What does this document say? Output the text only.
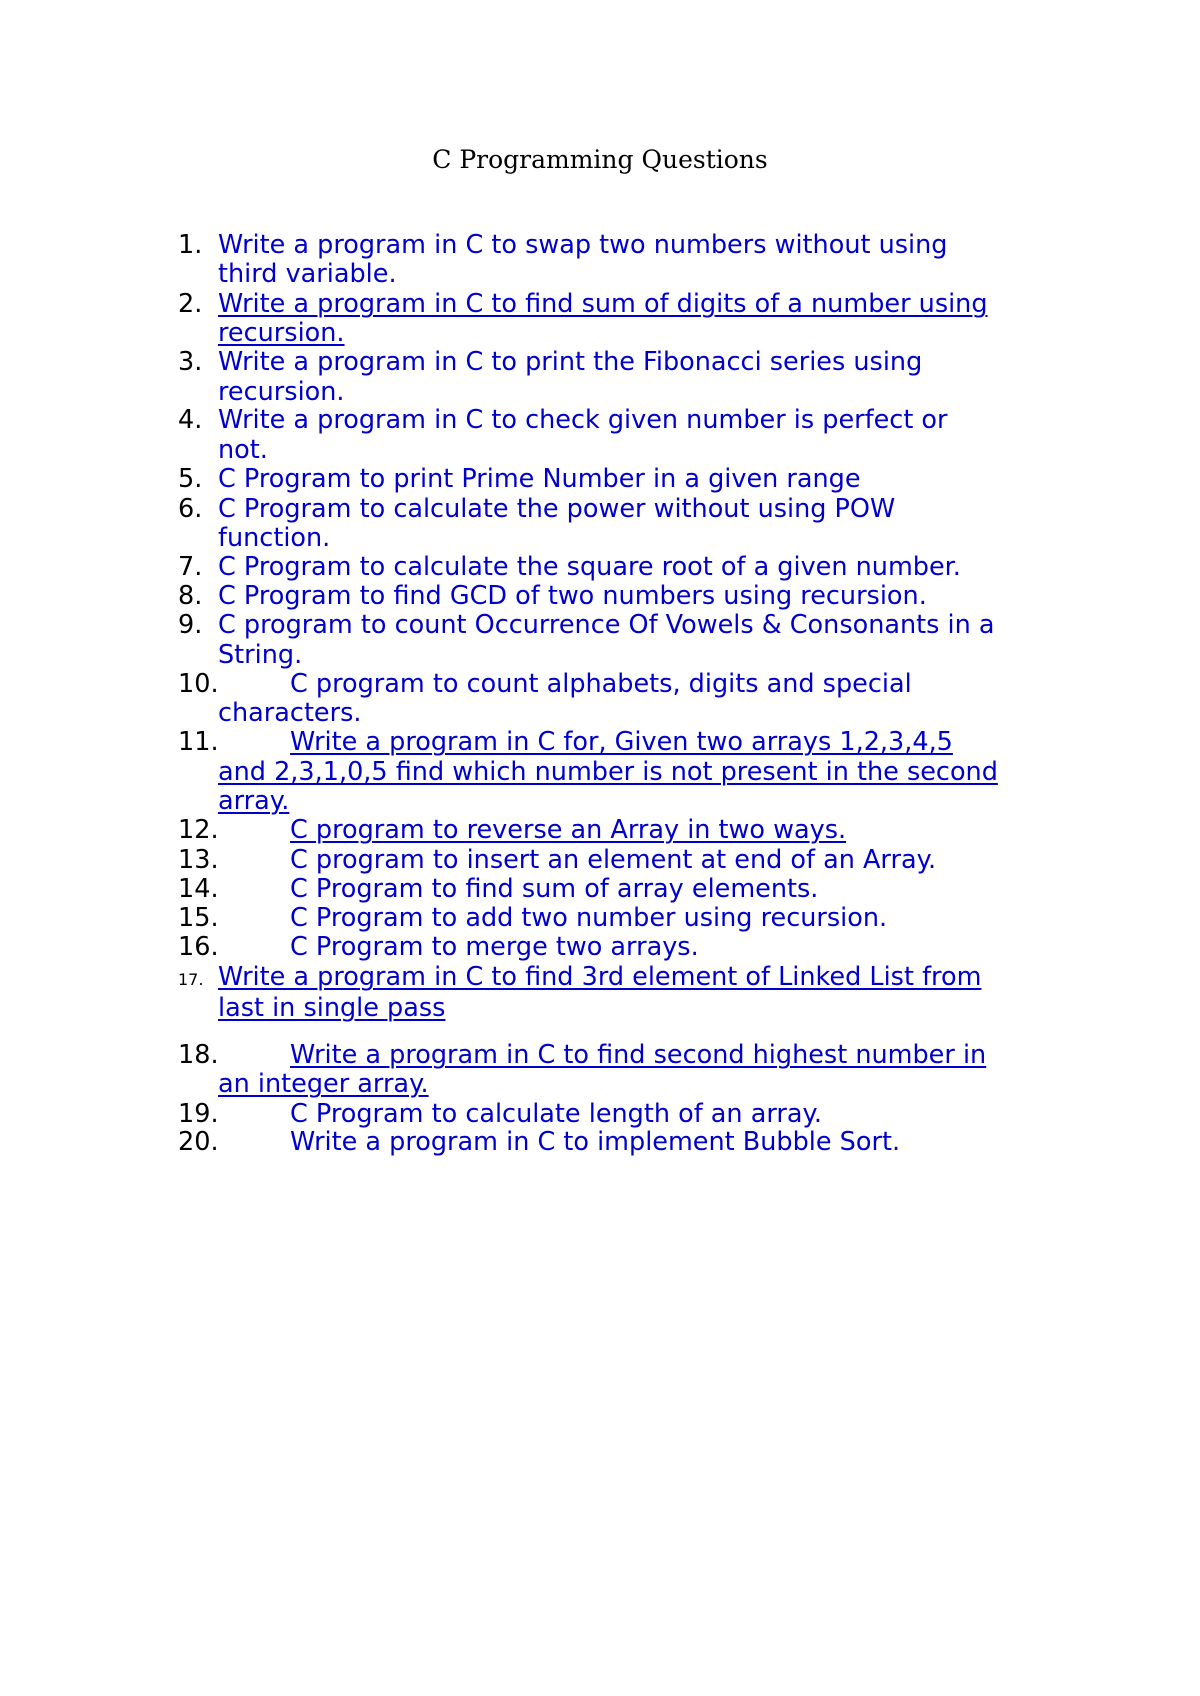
C Programming Questions
1. Write a program in C to swap two numbers without using
third variable.
2. Write a program in C to find sum of digits of a number using
recursion.
3. Write a program in C to print the Fibonacci series using
recursion.
4. Write a program in C to check given number is perfect or
not.
5. C Program to print Prime Number in a given range
6. C Program to calculate the power without using POW
function.
7. C Program to calculate the square root of a given number.
8. C Program to find GCD of two numbers using recursion.
9. C program to count Occurrence Of Vowels & Consonants in a
String.
10.	C program to count alphabets, digits and special
characters.
11.	Write a program in C for, Given two arrays 1,2,3,4,5
and 2,3,1,0,5 find which number is not present in the second
array.
12.	C program to reverse an Array in two ways.
13.	C program to insert an element at end of an Array.
14.	C Program to find sum of array elements.
15.	C Program to add two number using recursion.
16.	C Program to merge two arrays.
17. Write a program in C to find 3rd element of Linked List from
last in single pass
18.	Write a program in C to find second highest number in
an integer array.
19.	C Program to calculate length of an array.
20.	Write a program in C to implement Bubble Sort.
